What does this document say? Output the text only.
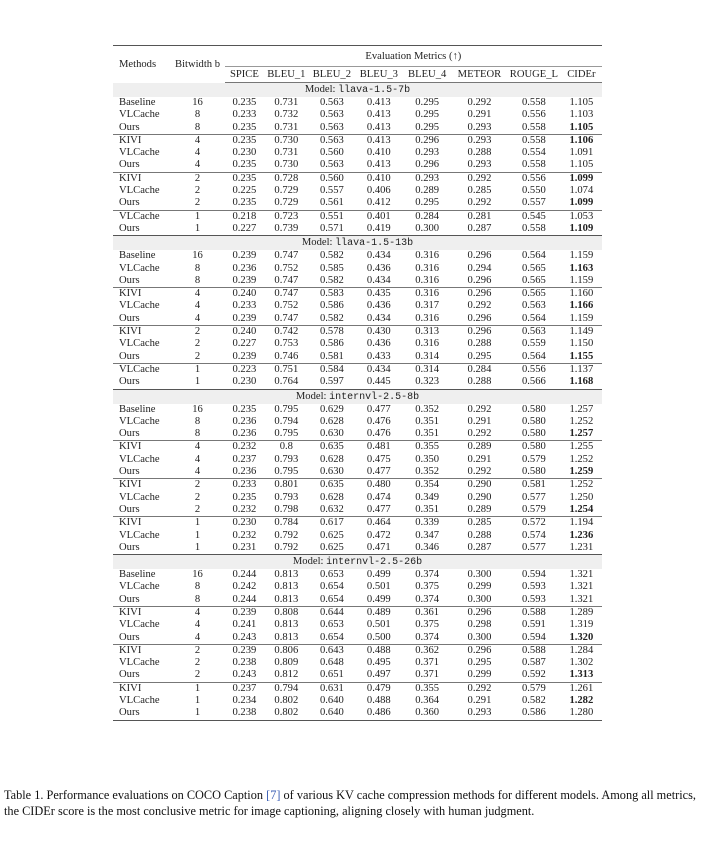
Methods	Bitwidth b	Evaluation Metrics (↑)							
		SPICE	BLEU_1	BLEU_2	BLEU_3	BLEU_4	METEOR	ROUGE_L	CIDEr
Model: llava-1.5-7b									
Baseline	16	0.235	0.731	0.563	0.413	0.295	0.292	0.558	1.105
VLCache	8	0.233	0.732	0.563	0.413	0.295	0.291	0.556	1.103
Ours	8	0.235	0.731	0.563	0.413	0.295	0.293	0.558	1.105
KIVI	4	0.235	0.730	0.563	0.413	0.296	0.293	0.558	1.106
VLCache	4	0.230	0.731	0.560	0.410	0.293	0.288	0.554	1.091
Ours	4	0.235	0.730	0.563	0.413	0.296	0.293	0.558	1.105
KIVI	2	0.235	0.728	0.560	0.410	0.293	0.292	0.556	1.099
VLCache	2	0.225	0.729	0.557	0.406	0.289	0.285	0.550	1.074
Ours	2	0.235	0.729	0.561	0.412	0.295	0.292	0.557	1.099
VLCache	1	0.218	0.723	0.551	0.401	0.284	0.281	0.545	1.053
Ours	1	0.227	0.739	0.571	0.419	0.300	0.287	0.558	1.109
Model: llava-1.5-13b									
Baseline	16	0.239	0.747	0.582	0.434	0.316	0.296	0.564	1.159
VLCache	8	0.236	0.752	0.585	0.436	0.316	0.294	0.565	1.163
Ours	8	0.239	0.747	0.582	0.434	0.316	0.296	0.565	1.159
KIVI	4	0.240	0.747	0.583	0.435	0.316	0.296	0.565	1.160
VLCache	4	0.233	0.752	0.586	0.436	0.317	0.292	0.563	1.166
Ours	4	0.239	0.747	0.582	0.434	0.316	0.296	0.564	1.159
KIVI	2	0.240	0.742	0.578	0.430	0.313	0.296	0.563	1.149
VLCache	2	0.227	0.753	0.586	0.436	0.316	0.288	0.559	1.150
Ours	2	0.239	0.746	0.581	0.433	0.314	0.295	0.564	1.155
VLCache	1	0.223	0.751	0.584	0.434	0.314	0.284	0.556	1.137
Ours	1	0.230	0.764	0.597	0.445	0.323	0.288	0.566	1.168
Model: internvl-2.5-8b									
Baseline	16	0.235	0.795	0.629	0.477	0.352	0.292	0.580	1.257
VLCache	8	0.236	0.794	0.628	0.476	0.351	0.291	0.580	1.252
Ours	8	0.236	0.795	0.630	0.476	0.351	0.292	0.580	1.257
KIVI	4	0.232	0.8	0.635	0.481	0.355	0.289	0.580	1.255
VLCache	4	0.237	0.793	0.628	0.475	0.350	0.291	0.579	1.252
Ours	4	0.236	0.795	0.630	0.477	0.352	0.292	0.580	1.259
KIVI	2	0.233	0.801	0.635	0.480	0.354	0.290	0.581	1.252
VLCache	2	0.235	0.793	0.628	0.474	0.349	0.290	0.577	1.250
Ours	2	0.232	0.798	0.632	0.477	0.351	0.289	0.579	1.254
KIVI	1	0.230	0.784	0.617	0.464	0.339	0.285	0.572	1.194
VLCache	1	0.232	0.792	0.625	0.472	0.347	0.288	0.574	1.236
Ours	1	0.231	0.792	0.625	0.471	0.346	0.287	0.577	1.231
Model: internvl-2.5-26b									
Baseline	16	0.244	0.813	0.653	0.499	0.374	0.300	0.594	1.321
VLCache	8	0.242	0.813	0.654	0.501	0.375	0.299	0.593	1.321
Ours	8	0.244	0.813	0.654	0.499	0.374	0.300	0.593	1.321
KIVI	4	0.239	0.808	0.644	0.489	0.361	0.296	0.588	1.289
VLCache	4	0.241	0.813	0.653	0.501	0.375	0.298	0.591	1.319
Ours	4	0.243	0.813	0.654	0.500	0.374	0.300	0.594	1.320
KIVI	2	0.239	0.806	0.643	0.488	0.362	0.296	0.588	1.284
VLCache	2	0.238	0.809	0.648	0.495	0.371	0.295	0.587	1.302
Ours	2	0.243	0.812	0.651	0.497	0.371	0.299	0.592	1.313
KIVI	1	0.237	0.794	0.631	0.479	0.355	0.292	0.579	1.261
VLCache	1	0.234	0.802	0.640	0.488	0.364	0.291	0.582	1.282
Ours	1	0.238	0.802	0.640	0.486	0.360	0.293	0.586	1.280
Table 1. Performance evaluations on COCO Caption [7] of various KV cache compression methods for different models. Among all metrics,
the CIDEr score is the most conclusive metric for image captioning, aligning closely with human judgment.
